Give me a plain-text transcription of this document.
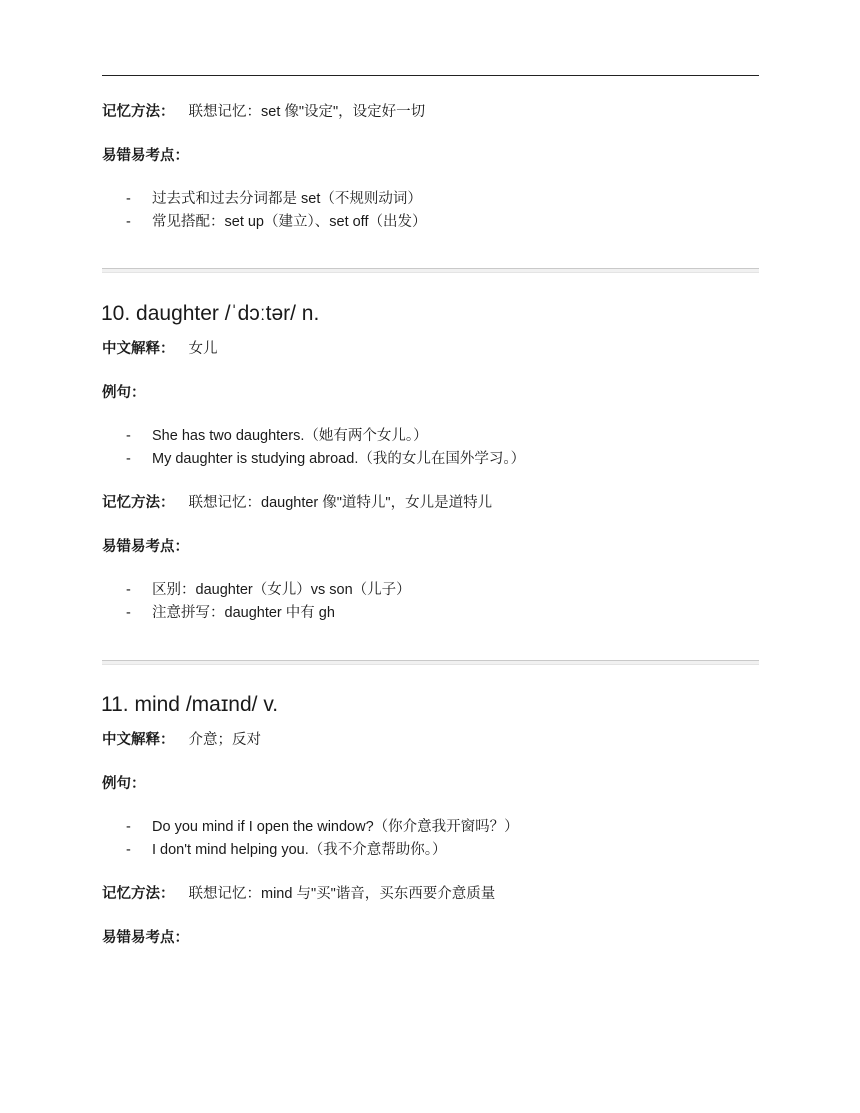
记忆方法： 联想记忆：set 像"设定"，设定好一切
易错易考点：
- 过去式和过去分词都是 set（不规则动词）
- 常见搭配：set up（建立）、set off（出发）
10. daughter /ˈdɔːtər/ n.
中文解释： 女儿
例句：
- She has two daughters.（她有两个女儿。）
- My daughter is studying abroad.（我的女儿在国外学习。）
记忆方法： 联想记忆：daughter 像"道特儿"，女儿是道特儿
易错易考点：
- 区别：daughter（女儿）vs son（儿子）
- 注意拼写：daughter 中有 gh
11. mind /maɪnd/ v.
中文解释： 介意；反对
例句：
- Do you mind if I open the window?（你介意我开窗吗？）
- I don't mind helping you.（我不介意帮助你。）
记忆方法： 联想记忆：mind 与"买"谐音，买东西要介意质量
易错易考点：
